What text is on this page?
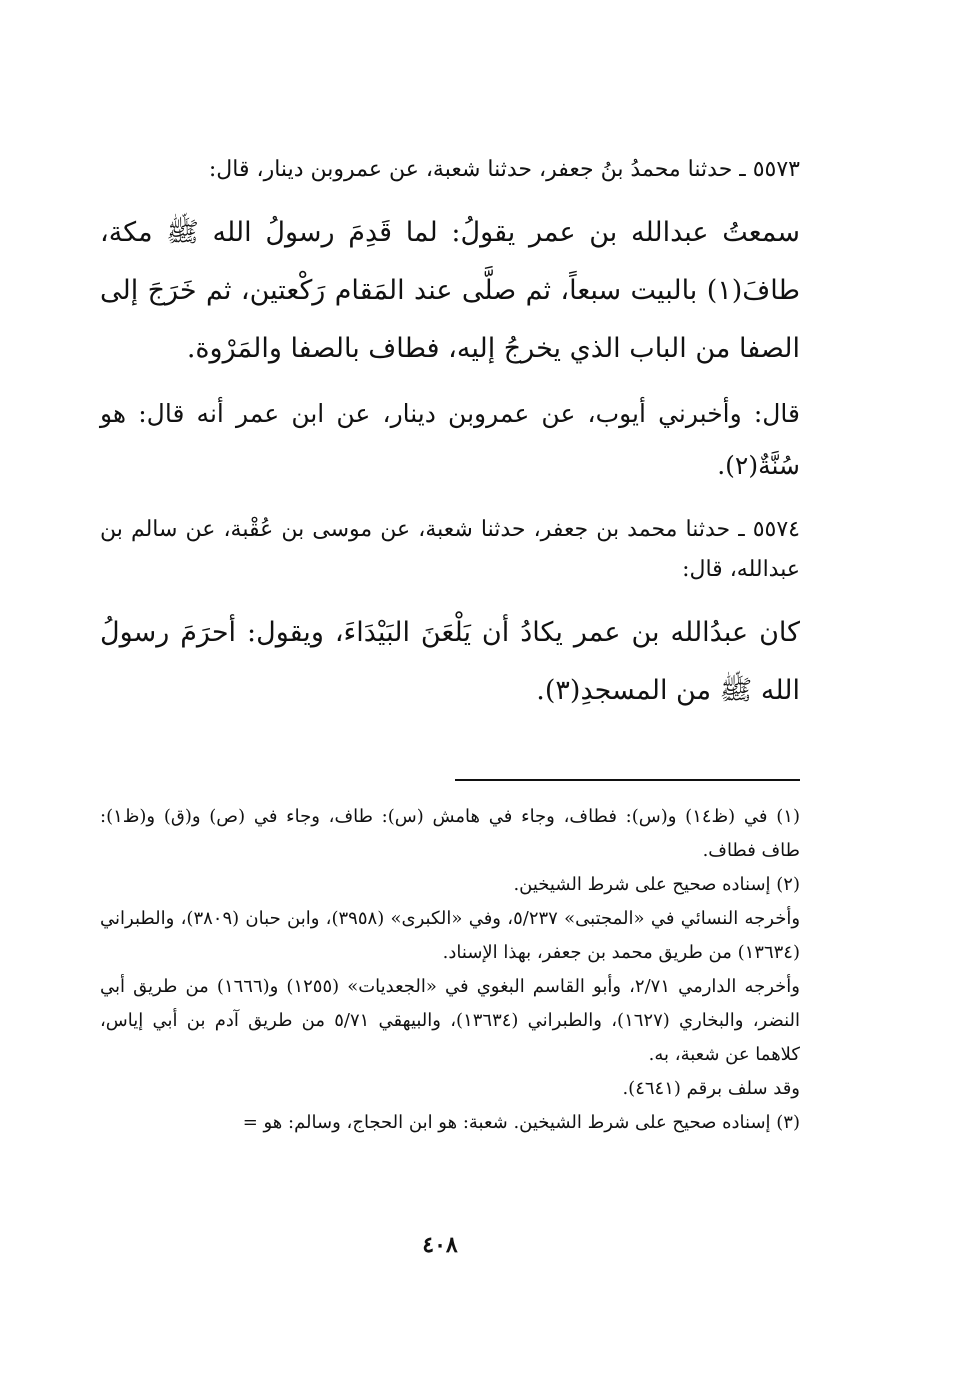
٥٥٧٣ ـ حدثنا محمدُ بنُ جعفر، حدثنا شعبة، عن عمروبن دينار، قال:

سمعتُ عبدالله بن عمر يقولُ: لما قَدِمَ رسولُ الله ﷺ مكة، طافَ(١) بالبيت سبعاً، ثم صلَّى عند المَقام رَكْعتين، ثم خَرَجَ إلى الصفا من الباب الذي يخرجُ إليه، فطاف بالصفا والمَرْوة.

قال: وأخبرني أيوب، عن عمروبن دينار، عن ابن عمر أنه قال: هو سُنَّةٌ(٢).

٥٥٧٤ ـ حدثنا محمد بن جعفر، حدثنا شعبة، عن موسى بن عُقْبة، عن سالم بن عبدالله، قال:

كان عبدُالله بن عمر يكادُ أن يَلْعَنَ البَيْدَاءَ، ويقول: أحرَمَ رسولُ الله ﷺ من المسجدِ(٣).

(١) في (ظ١٤) و(س): فطاف، وجاء في هامش (س): طاف، وجاء في (ص) و(ق) و(ظ١): طاف فطاف.

(٢) إسناده صحيح على شرط الشيخين.

وأخرجه النسائي في «المجتبى» ٥/٢٣٧، وفي «الكبرى» (٣٩٥٨)، وابن حبان (٣٨٠٩)، والطبراني (١٣٦٣٤) من طريق محمد بن جعفر، بهذا الإسناد.

وأخرجه الدارمي ٢/٧١، وأبو القاسم البغوي في «الجعديات» (١٢٥٥) و(١٦٦٦) من طريق أبي النضر، والبخاري (١٦٢٧)، والطبراني (١٣٦٣٤)، والبيهقي ٥/٧١ من طريق آدم بن أبي إياس، كلاهما عن شعبة، به.

وقد سلف برقم (٤٦٤١).

(٣) إسناده صحيح على شرط الشيخين. شعبة: هو ابن الحجاج، وسالم: هو =

٤٠٨
